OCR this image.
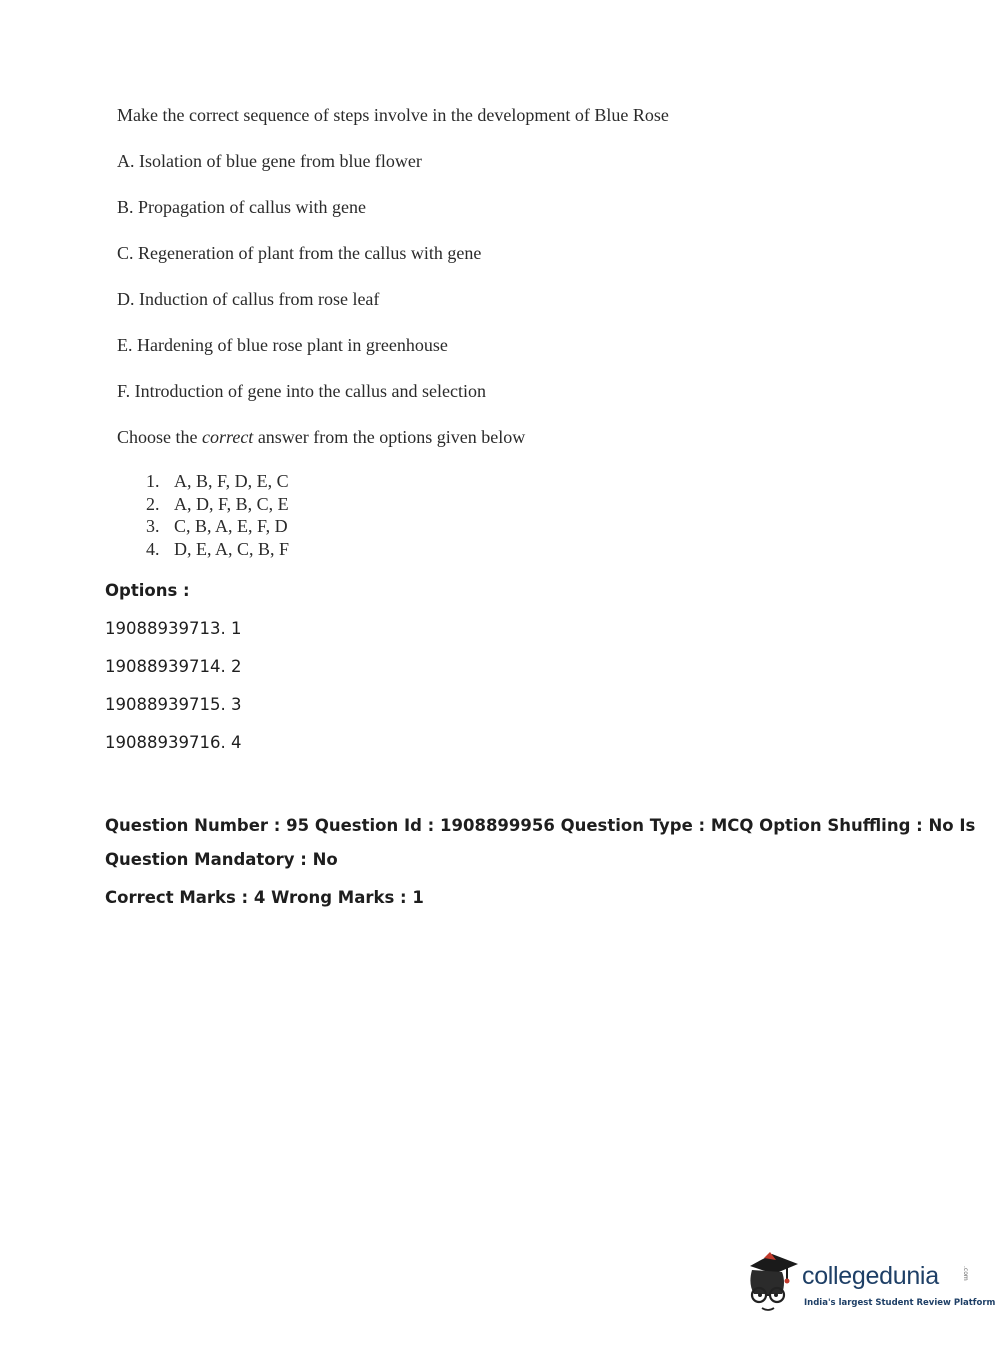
Make the correct sequence of steps involve in the development of Blue Rose
A. Isolation of blue gene from blue flower
B. Propagation of callus with gene
C. Regeneration of plant from the callus with gene
D. Induction of callus from rose leaf
E. Hardening of blue rose plant in greenhouse
F. Introduction of gene into the callus and selection
Choose the correct answer from the options given below
1. A, B, F, D, E, C
2. A, D, F, B, C, E
3. C, B, A, E, F, D
4. D, E, A, C, B, F
Options :
19088939713. 1
19088939714. 2
19088939715. 3
19088939716. 4
Question Number : 95 Question Id : 1908899956 Question Type : MCQ Option Shuffling : No Is
Question Mandatory : No
Correct Marks : 4 Wrong Marks : 1
collegedunia	.com
India's largest Student Review Platform
